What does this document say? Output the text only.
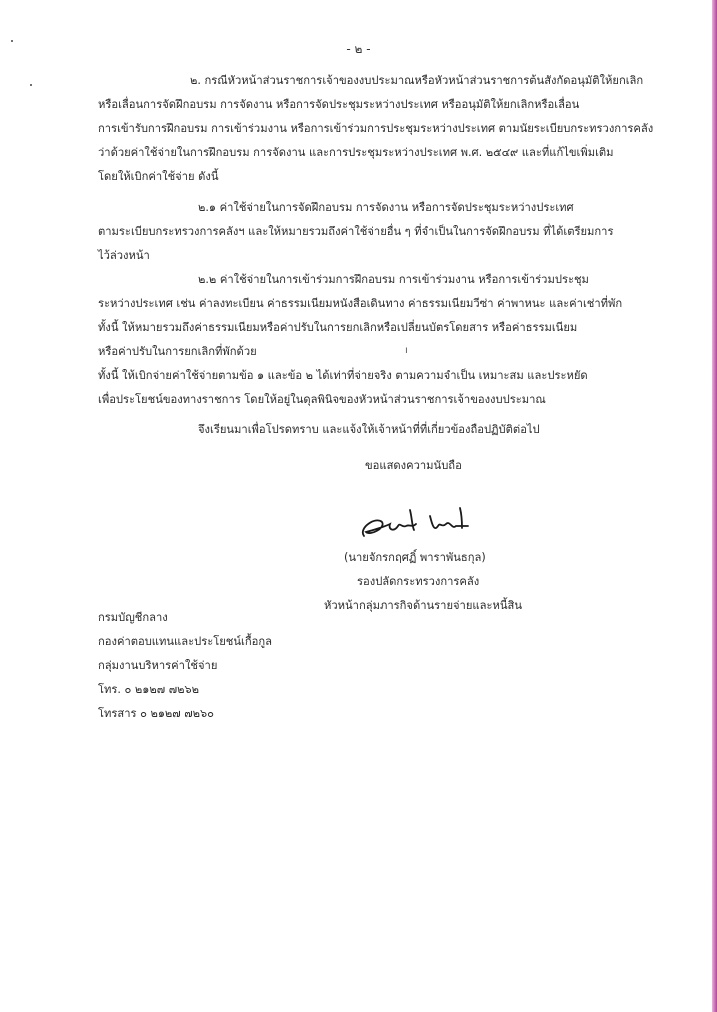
- ๒ -
๒. กรณีหัวหน้าส่วนราชการเจ้าของงบประมาณหรือหัวหน้าส่วนราชการต้นสังกัดอนุมัติให้ยกเลิก
หรือเลื่อนการจัดฝึกอบรม การจัดงาน หรือการจัดประชุมระหว่างประเทศ หรืออนุมัติให้ยกเลิกหรือเลื่อน
การเข้ารับการฝึกอบรม การเข้าร่วมงาน หรือการเข้าร่วมการประชุมระหว่างประเทศ ตามนัยระเบียบกระทรวงการคลัง
ว่าด้วยค่าใช้จ่ายในการฝึกอบรม การจัดงาน และการประชุมระหว่างประเทศ พ.ศ. ๒๕๔๙ และที่แก้ไขเพิ่มเติม
โดยให้เบิกค่าใช้จ่าย ดังนี้
๒.๑ ค่าใช้จ่ายในการจัดฝึกอบรม การจัดงาน หรือการจัดประชุมระหว่างประเทศ
ตามระเบียบกระทรวงการคลังฯ และให้หมายรวมถึงค่าใช้จ่ายอื่น ๆ ที่จำเป็นในการจัดฝึกอบรม ที่ได้เตรียมการ
ไว้ล่วงหน้า
๒.๒ ค่าใช้จ่ายในการเข้าร่วมการฝึกอบรม การเข้าร่วมงาน หรือการเข้าร่วมประชุม
ระหว่างประเทศ เช่น ค่าลงทะเบียน ค่าธรรมเนียมหนังสือเดินทาง ค่าธรรมเนียมวีซ่า ค่าพาหนะ และค่าเช่าที่พัก
ทั้งนี้ ให้หมายรวมถึงค่าธรรมเนียมหรือค่าปรับในการยกเลิกหรือเปลี่ยนบัตรโดยสาร หรือค่าธรรมเนียม
หรือค่าปรับในการยกเลิกที่พักด้วย	ı
ทั้งนี้ ให้เบิกจ่ายค่าใช้จ่ายตามข้อ ๑ และข้อ ๒ ได้เท่าที่จ่ายจริง ตามความจำเป็น เหมาะสม และประหยัด
เพื่อประโยชน์ของทางราชการ โดยให้อยู่ในดุลพินิจของหัวหน้าส่วนราชการเจ้าของงบประมาณ
จึงเรียนมาเพื่อโปรดทราบ และแจ้งให้เจ้าหน้าที่ที่เกี่ยวข้องถือปฏิบัติต่อไป
ขอแสดงความนับถือ
(นายจักรกฤศฏิ์ พาราพันธกุล)
รองปลัดกระทรวงการคลัง
หัวหน้ากลุ่มภารกิจด้านรายจ่ายและหนี้สิน
กรมบัญชีกลาง
กองค่าตอบแทนและประโยชน์เกื้อกูล
กลุ่มงานบริหารค่าใช้จ่าย
โทร. ๐ ๒๑๒๗ ๗๒๖๒
โทรสาร ๐ ๒๑๒๗ ๗๒๖๐
